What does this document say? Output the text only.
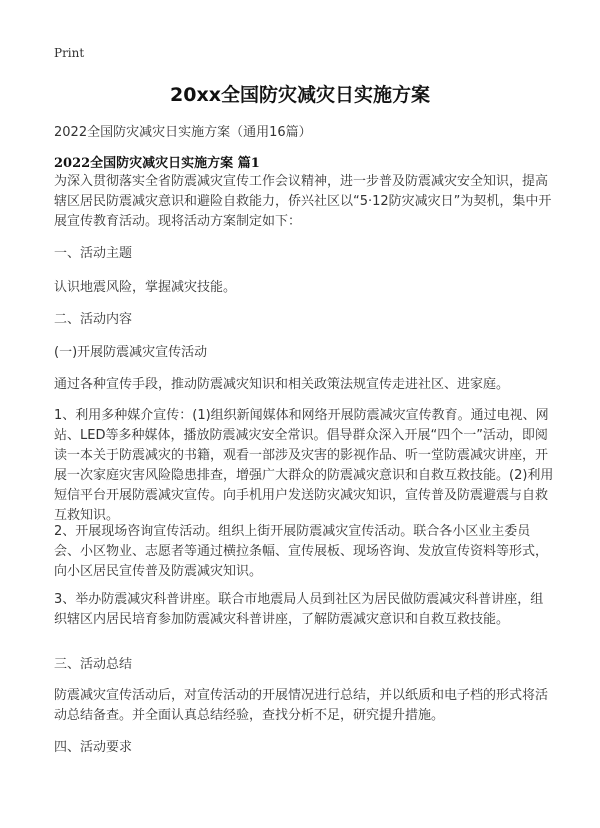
Print
20xx全国防灾减灾日实施方案
2022全国防灾减灾日实施方案（通用16篇）
2022全国防灾减灾日实施方案 篇1

为深入贯彻落实全省防震减灾宣传工作会议精神，进一步普及防震减灾安全知识，提高辖区居民防震减灾意识和避险自救能力，侨兴社区以“5·12防灾减灾日”为契机，集中开展宣传教育活动。现将活动方案制定如下：

一、活动主题

认识地震风险，掌握减灾技能。

二、活动内容

(一)开展防震减灾宣传活动

通过各种宣传手段，推动防震减灾知识和相关政策法规宣传走进社区、进家庭。

1、利用多种媒介宣传：(1)组织新闻媒体和网络开展防震减灾宣传教育。通过电视、网站、LED等多种媒体，播放防震减灾安全常识。倡导群众深入开展“四个一”活动，即阅读一本关于防震减灾的书籍，观看一部涉及灾害的影视作品、听一堂防震减灾讲座，开展一次家庭灾害风险隐患排查，增强广大群众的防震减灾意识和自救互救技能。(2)利用短信平台开展防震减灾宣传。向手机用户发送防灾减灾知识，宣传普及防震避震与自救互救知识。

2、开展现场咨询宣传活动。组织上街开展防震减灾宣传活动。联合各小区业主委员会、小区物业、志愿者等通过横拉条幅、宣传展板、现场咨询、发放宣传资料等形式，向小区居民宣传普及防震减灾知识。

3、举办防震减灾科普讲座。联合市地震局人员到社区为居民做防震减灾科普讲座，组织辖区内居民培育参加防震减灾科普讲座，了解防震减灾意识和自救互救技能。

三、活动总结

防震减灾宣传活动后，对宣传活动的开展情况进行总结，并以纸质和电子档的形式将活动总结备查。并全面认真总结经验，查找分析不足，研究提升措施。

四、活动要求
